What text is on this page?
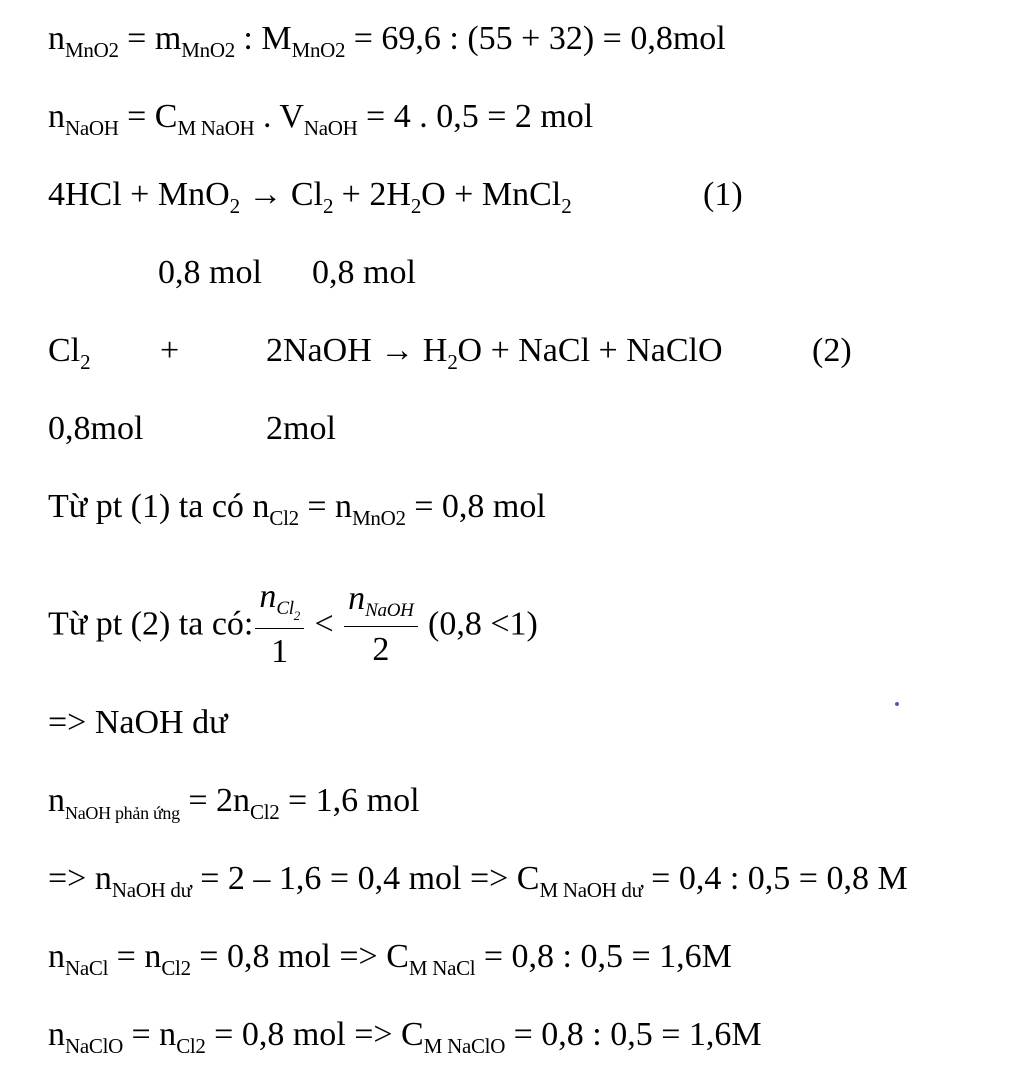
$n_{MnO2} = m_{MnO2}$ : $M_{MnO2} = 69,6$ : (55 + 32) = 0,8mol
$n_{NaOH} = C_{M NaOH}$ . $V_{NaOH} = 4$ . 0,5 = 2 mol
$4HCl + MnO_2 \to Cl_2 + 2H_2O$ + MnCl$_2$	(1)
0,8 mol 0,8 mol
$Cl_2$ +	2NaOH → $H_2O$ + NaCl + NaClO	(2)
0,8mol	2mol
Từ pt (1) ta có $n_{Cl2} = n_{MnO2} = 0,8$ mol
Từ pt (2) ta có: $\frac{n_{Cl_2}}{1} < \frac{n_{NaOH}}{2} (0,8 <1)$
=> NaOH dư
$n_{NaOH phản ứng} = 2n_{Cl2} = 1,6$ mol
=> $n_{NaOH dư} = 2 - 1,6 = 0,4$ mol => $C_{M NaOH dư} = 0,4$ : 0,5 = 0,8 M
$n_{NaCl} = n_{Cl2} = 0,8$ mol => $C_{M NaCl} = 0,8$ : 0,5 = 1,6M
$n_{NaClO} = n_{Cl2} = 0,8$ mol => $C_{M NaClO} = 0,8$ : 0,5 = 1,6M
